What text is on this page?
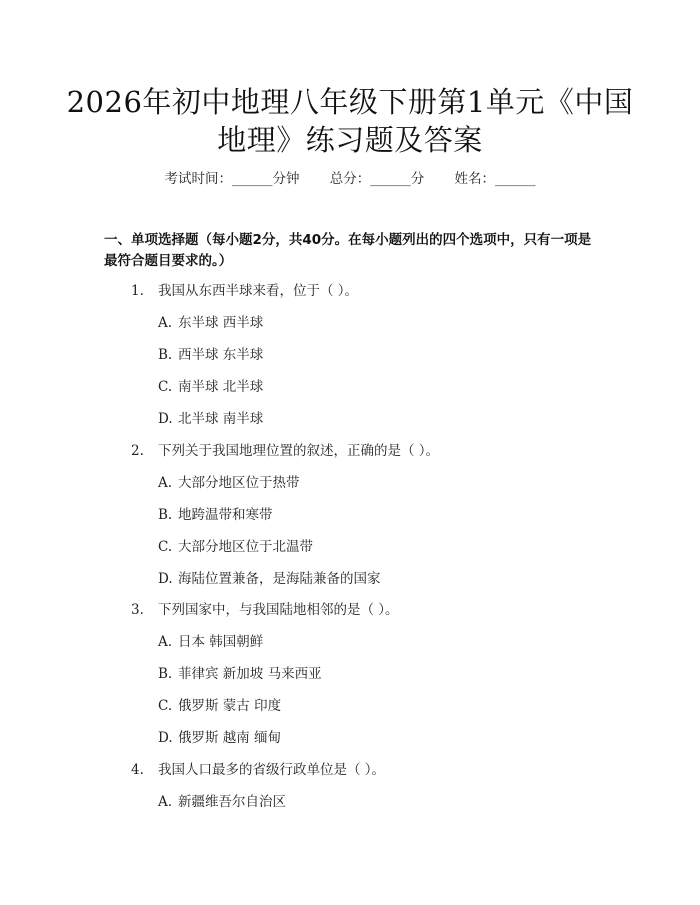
2026年初中地理八年级下册第1单元《中国
地理》练习题及答案
考试时间：______分钟 总分：______分 姓名：______
一、单项选择题（每小题2分，共40分。在每小题列出的四个选项中，只有一项是最符合题目要求的。）
1. 我国从东西半球来看，位于（ ）。
A. 东半球 西半球
B. 西半球 东半球
C. 南半球 北半球
D. 北半球 南半球
2. 下列关于我国地理位置的叙述，正确的是（ ）。
A. 大部分地区位于热带
B. 地跨温带和寒带
C. 大部分地区位于北温带
D. 海陆位置兼备，是海陆兼备的国家
3. 下列国家中，与我国陆地相邻的是（ ）。
A. 日本 韩国朝鲜
B. 菲律宾 新加坡 马来西亚
C. 俄罗斯 蒙古 印度
D. 俄罗斯 越南 缅甸
4. 我国人口最多的省级行政单位是（ ）。
A. 新疆维吾尔自治区
